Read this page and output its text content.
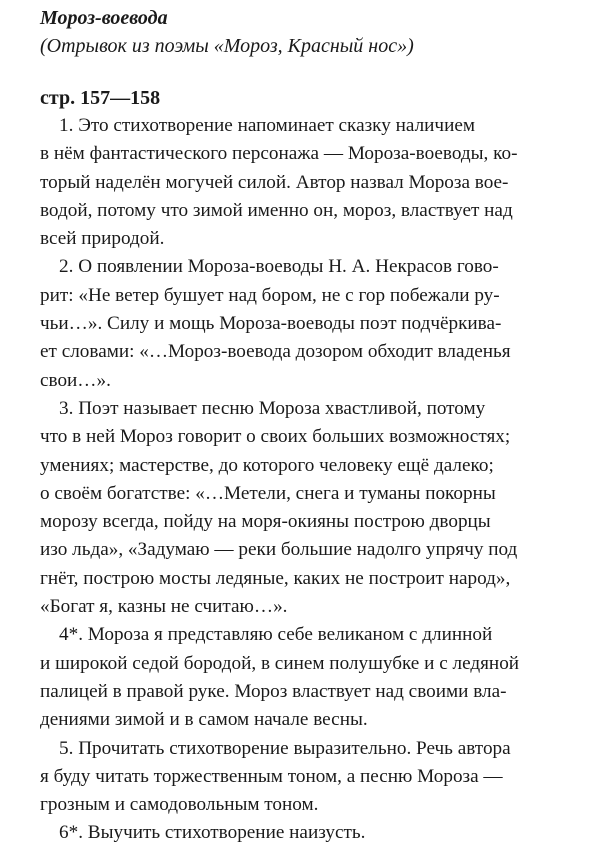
Мороз-воевода

(Отрывок из поэмы «Мороз, Красный нос»)

стр. 157—158

1. Это стихотворение напоминает сказку наличием
в нём фантастического персонажа — Мороза-воеводы, ко-
торый наделён могучей силой. Автор назвал Мороза вое-
водой, потому что зимой именно он, мороз, властвует над
всей природой.

2. О появлении Мороза-воеводы Н. А. Некрасов гово-
рит: «Не ветер бушует над бором, не с гор побежали ру-
чьи…». Силу и мощь Мороза-воеводы поэт подчёркива-
ет словами: «…Мороз-воевода дозором обходит владенья
свои…».

3. Поэт называет песню Мороза хвастливой, потому
что в ней Мороз говорит о своих больших возможностях;
умениях; мастерстве, до которого человеку ещё далеко;
о своём богатстве: «…Метели, снега и туманы покорны
морозу всегда, пойду на моря-окияны построю дворцы
изо льда», «Задумаю — реки большие надолго упрячу под
гнёт, построю мосты ледяные, каких не построит народ»,
«Богат я, казны не считаю…».

4*. Мороза я представляю себе великаном с длинной
и широкой седой бородой, в синем полушубке и с ледяной
палицей в правой руке. Мороз властвует над своими вла-
дениями зимой и в самом начале весны.

5. Прочитать стихотворение выразительно. Речь автора
я буду читать торжественным тоном, а песню Мороза —
грозным и самодовольным тоном.

6*. Выучить стихотворение наизусть.
